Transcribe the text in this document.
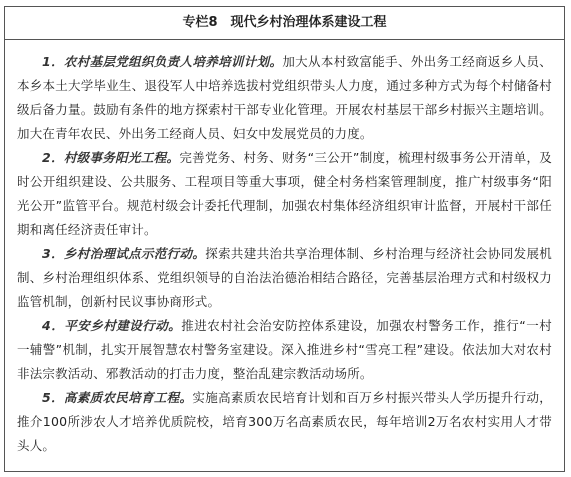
专栏8　现代乡村治理体系建设工程

1．农村基层党组织负责人培养培训计划。加大从本村致富能手、外出务工经商返乡人员、本乡本土大学毕业生、退役军人中培养选拔村党组织带头人力度，通过多种方式为每个村储备村级后备力量。鼓励有条件的地方探索村干部专业化管理。开展农村基层干部乡村振兴主题培训。加大在青年农民、外出务工经商人员、妇女中发展党员的力度。

2．村级事务阳光工程。完善党务、村务、财务“三公开”制度，梳理村级事务公开清单，及时公开组织建设、公共服务、工程项目等重大事项，健全村务档案管理制度，推广村级事务“阳光公开”监管平台。规范村级会计委托代理制，加强农村集体经济组织审计监督，开展村干部任期和离任经济责任审计。

3．乡村治理试点示范行动。探索共建共治共享治理体制、乡村治理与经济社会协同发展机制、乡村治理组织体系、党组织领导的自治法治德治相结合路径，完善基层治理方式和村级权力监管机制，创新村民议事协商形式。

4．平安乡村建设行动。推进农村社会治安防控体系建设，加强农村警务工作，推行“一村一辅警”机制，扎实开展智慧农村警务室建设。深入推进乡村“雪亮工程”建设。依法加大对农村非法宗教活动、邪教活动的打击力度，整治乱建宗教活动场所。

5．高素质农民培育工程。实施高素质农民培育计划和百万乡村振兴带头人学历提升行动，推介100所涉农人才培养优质院校，培育300万名高素质农民，每年培训2万名农村实用人才带头人。
